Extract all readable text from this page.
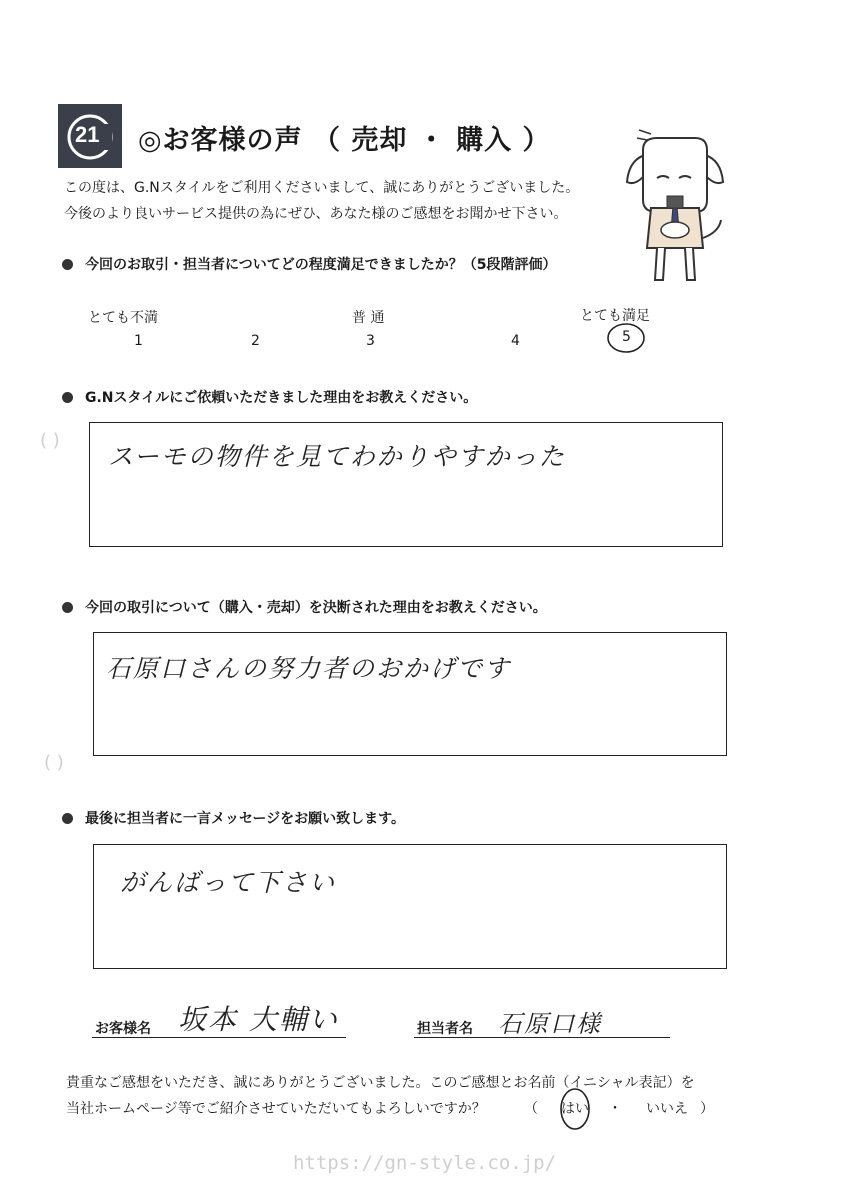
21 ◎お客様の声 （ 売却 ・ 購入 ）
この度は、G.Nスタイルをご利用くださいまして、誠にありがとうございました。
今後のより良いサービス提供の為にぜひ、あなた様のご感想をお聞かせ下さい。
今回のお取引・担当者についてどの程度満足できましたか？（5段階評価）
とても不満	普 通	とても満足
1	2	3	4	5
G.Nスタイルにご依頼いただきました理由をお教えください。
( )
スーモの物件を見てわかりやすかった
今回の取引について（購入・売却）を決断された理由をお教えください。
( )
石原口さんの努力者のおかげです
最後に担当者に一言メッセージをお願い致します。
がんばって下さい
お客様名 坂本 大輔い	担当者名 石原口様
貴重なご感想をいただき、誠にありがとうございました。このご感想とお名前（イニシャル表記）を
当社ホームページ等でご紹介させていただいてもよろしいですか？	（ はい ・ いいえ ）
https://gn-style.co.jp/
